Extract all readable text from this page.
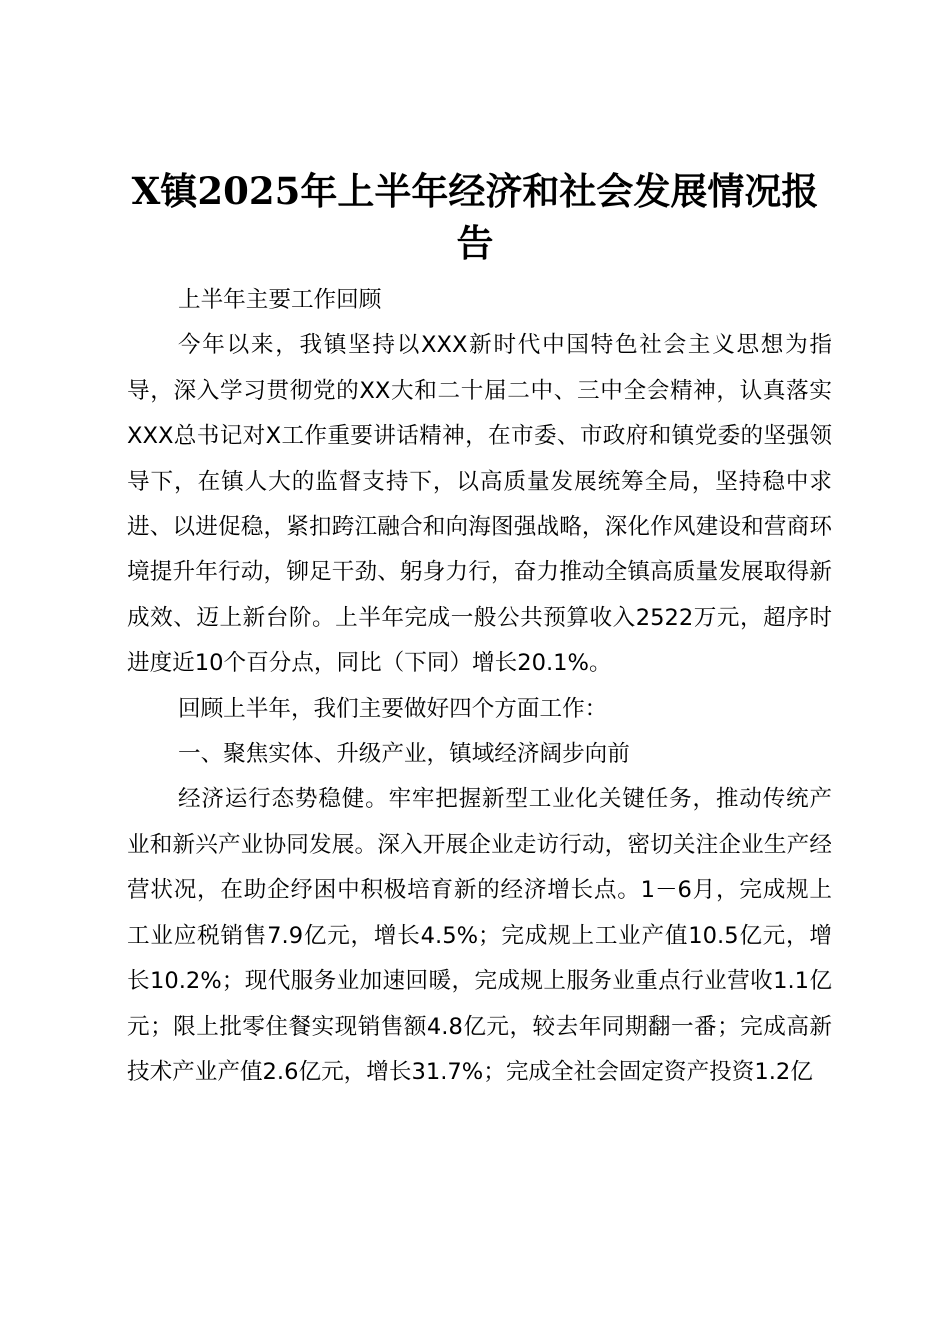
X镇2025年上半年经济和社会发展情况报告

上半年主要工作回顾

今年以来，我镇坚持以XXX新时代中国特色社会主义思想为指导，深入学习贯彻党的XX大和二十届二中、三中全会精神，认真落实XXX总书记对X工作重要讲话精神，在市委、市政府和镇党委的坚强领导下，在镇人大的监督支持下，以高质量发展统筹全局，坚持稳中求进、以进促稳，紧扣跨江融合和向海图强战略，深化作风建设和营商环境提升年行动，铆足干劲、躬身力行，奋力推动全镇高质量发展取得新成效、迈上新台阶。上半年完成一般公共预算收入2522万元，超序时进度近10个百分点，同比（下同）增长20.1%。

回顾上半年，我们主要做好四个方面工作：

一、聚焦实体、升级产业，镇域经济阔步向前

经济运行态势稳健。牢牢把握新型工业化关键任务，推动传统产业和新兴产业协同发展。深入开展企业走访行动，密切关注企业生产经营状况，在助企纾困中积极培育新的经济增长点。1－6月，完成规上工业应税销售7.9亿元，增长4.5%；完成规上工业产值10.5亿元，增长10.2%；现代服务业加速回暖，完成规上服务业重点行业营收1.1亿元；限上批零住餐实现销售额4.8亿元，较去年同期翻一番；完成高新技术产业产值2.6亿元，增长31.7%；完成全社会固定资产投资1.2亿
